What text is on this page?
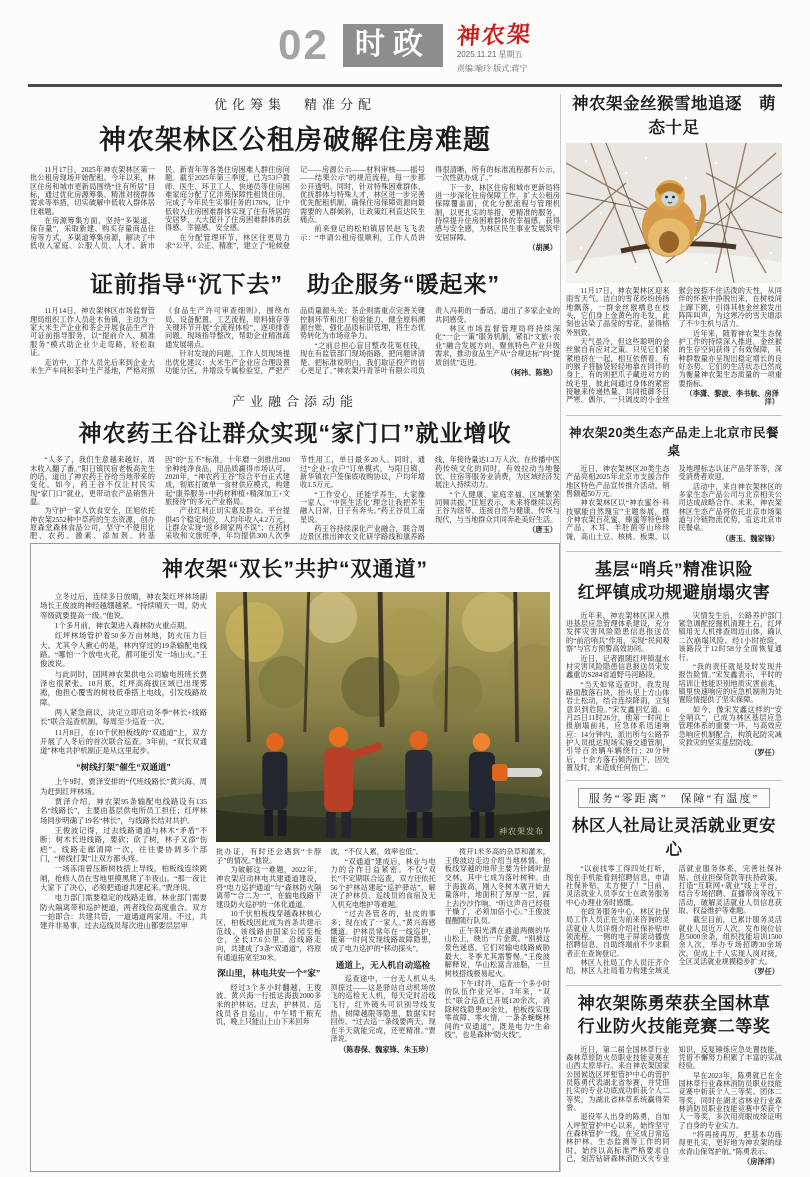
02 时政	神农架
2025.11.21 星期五
责编:喻玲 版式:蒋宁
优化筹集　精准分配
神农架林区公租房破解住房难题

11月17日，2025年神农架林区第一批公租房现场开始配租。今年以来，林区住房和城市更新局围绕“住有所居”目标，通过优化房源筹集、精准对接群体需求等举措，切实破解中低收入群体居住难题。

在房源筹集方面，坚持“多渠道、保存量”，采取新建、购买存量商品住房等方式，多渠道筹集房源，解决了中低收入家庭、公服人员、人才、新市民、新青年等各类住房困难人群住房问题。截至2025年第三季度，已为53户教师、医生、环卫工人、快递员等住房困难家庭分配了亿沣苑保障性租赁住房，完成了今年民生实事任务的176%，让中低收入住房困难群体实现了住有所居的安居梦，大大提升了住房困难群体的获得感、幸福感、安全感。

在分配管理环节，林区住更局力求“公平、公正、精准”，建立了“轮候登记——房源公示——材料审核——摇号——结果公示”的规范流程，每一步都公开透明。同时，针对特殊困难群体、优抚群体与特殊人才，林区进一步完善优先配租机制，确保住房保障资源向最需要的人群倾斜，让政策红利直达民生痛点。

前来登记的松柏镇居民赵飞飞表示：“申请公租房很顺利，工作人员讲得很清晰，所有的标准流程都有公示，一次性就办成了。”

下一步，林区住房和城市更新局将进一步深化住房保障工作，扩大公租房保障覆盖面，优化分配流程与管理机制，以更扎实的举措、更精准的服务，持续提升住房困难群体的幸福感、获得感与安全感，为林区民生事业发展筑牢安居屏障。

（胡溪）

证前指导“沉下去”　助企服务“暖起来”

11月14日，神农架林区市场监督管理局组织工作人员赴木鱼镇，主动为一家大米生产企业和茶企开展食品生产许可证前指导服务，以“提前介入、精准服务”模式助企业少走弯路，轻松取证。

走访中，工作人员先后来到企业大米生产车间和茶叶生产基地，严格对照《食品生产许可审查细则》，围绕布局、设备配置、工艺流程、原料储存等关键环节开展“全流程体检”，逐项排查问题，现场指导整改，帮助企业精准疏通发展堵点。

针对发现的问题，工作人员现场提出优化建议：大米生产企业应合理设置功能分区，并增设专属检验室，严把产品质量源头关；茶企则需重点完善关键控制环节和出厂检验能力，健全原料溯源台账，强化品质标识管理，将生态优势转化为市场竞争力。

“之前总担心盲目整改花冤枉钱，现在有监管部门现场指路，把问题讲清楚、把标准说明白，我们取证投产的信心更足了。”神农架丹青茶叶有限公司负责人冯莉的一番话，道出了多家企业的共同感受。

林区市场监督管理局将持续深化“一企一策”服务机制，紧扣“文旅+农业”融合发展方向，聚焦特色产业升级需求，推动食品生产从“合规达标”向“提质创优”迈进。

（柯祎、陈艳）

产业融合添动能
神农药王谷让群众实现“家门口”就业增收

“人多了，我们生意越来越好，周末收入翻了番。”阳日镇民宿老板高先生的话，道出了神农药王谷给当地带来的变化。如今，药王谷不仅让村民实现“家门口”就业，更带动农产品销售升温。

为守护一家人饮食安全，匡旭依托神农架2552种中草药的生态资源，创办原森堂森林食品公司，坚守“不使用化肥、农药、激素、添加剂、转基因”的“五不”标准，十年磨一剑推出200余种纯净食品，用品质赢得市场认可。2020年，“神农药王谷”综合平台正式建成，彻底打破单一食材供应模式，构建起“康养服务+中药材种植+精深加工+文旅接待”的多元产业格局。

产业红利正切实惠及群众。平台提供45个稳定岗位，人均年收入4.2万元，让群众实现“返乡顾家两不误”；在药材采收和文旅旺季，年均提供300人次季节性用工，单日最多20人。同时，通过“企业+农户”订单模式，与阳日镇、新华镇农户签保底收购协议，户均年增收1.5万元。

“工作安心，还能学养生，大家像一家人。‘中医生活化’理念让我把养生融入日常，日子有奔头。”药王谷员工南星说。

药王谷持续深化产业融合，联合周边景区推出神农文化研学路线和康养路线，年接待量达1.2万人次。在传播中医药传统文化的同时，有效拉动当地餐饮、住宿等服务业消费，为区域经济发展注入持续动力。

“个人健康、家庭幸福、区域繁荣同频共振。”匡旭表示，未来将继续以药王谷为纽带，连接自然与健康、传统与现代，与当地群众共同奔赴美好生活。

（唐玉）

神农架“双长”共护“双通道”

立冬过后，连续多日放晴，神农架红坪林场副场长王俊波的神经越绷越紧。“持续晴天一周，防火等级就要提高一级。”他说。

1个多月前，神农架进入森林防火重点期。

红坪林场管护着50多万亩林地，防火压力巨大。尤其令人揪心的是，林内穿过的19条输配电线路。“哪怕一个放电火花，都可能引发一场山火。”王俊波说。

与此同时，国网神农架供电公司输电班班长贾泽也很紧张。10月底，红坪高海拔区域已出现雾凇，他担心覆雪的树枝低垂搭上电线，引发线路故障。

两人紧急商议，决定立即启动冬季“林长+线路长”联合巡查机制，每周至少巡查一次。

11月8日，在10千伏柏板线的“双通道”上，双方开展了入冬后的首次联合巡查。3年前，“双长双通道”林电共护机制正是从这里起步。

“树线打架”催生“双通道”

上午9时，贾泽安排的“代班线路长”黄兴海、周为赶到红坪林场。

贾泽介绍，神农架95条输配电线路设有135名“线路长”，主要由基层供电所员工担任；红坪林场同步明确了19名“林长”，与线路长结对共护。

王俊波记得，过去线路通道与林木“矛盾”不断：树木长进线路，要砍；砍了树，林子又添“伤疤”。线路走廊清障一次，往往要协调多个部门，“树线打架”让双方都头疼。

一场冻雨曾压断树枝搭上导线，柏板线连续跳闸，抢修人员在雪地里摸黑爬了半夜山。“那一夜让大家下了决心，必须把通道共建起来。”贾泽说。

电力部门需要稳定的线路走廊，林业部门需要防火隔离带和巡护便道，两者线位高度重合。双方一拍即合：共建共管，一道通道两家用。不过，共建并非易事，过去巡线员每次进山都要层层审

神农架发布

批办证，有时还会遇到“卡脖子”的情况。”他说。

为破解这一难题，2022年，神农架启动林电共建通道建设，将“电力巡护通道”与“森林防火隔离带”“合二为一”，在输电线路下建设防火巡护的一体化通道。

10千伏柏板线穿越森林核心区，柏板线因此成为首条共建示范线。该线路由国家公园至板仓，全长17.6公里。沿线路走向，共建成了3条“双通道”，将原有通道拓宽至30米。

深山里，林电共安一个“家”

经过3个多小时翻越，王俊波、黄兴海一行抵达海拔2000多米的护林站。过去，护林员、巡线员各自巡山，中午啃干粮充饥，晚上只能山上山下来回奔

波，“不仅人累，效率也低”。

“双通道”建成后，林业与电力的合作日益紧密。不仅“双长”不定期联合巡查，双方还依托56个护林站建起“巡护驿站”，解决了护林员、巡线员的食宿及无人机充电维护等难题。

“过去各管各的，扯皮的事多；现在成了一家人。”黄兴海感慨道。护林员常年在一线巡护，能第一时间发现线路故障隐患，成了电力巡护的“移动探头”。

通道上，无人机自动巡检

巡查途中，一台无人机从头顶掠过——这是驿站自动机场放飞的巡检无人机，每天定时沿线飞行，红外镜头可识别导线发热、树障越限等隐患，数据实时回传。“过去巡一条线要两天，现在半天就能完成，还更精准。”贾泽说。

（陈春保、魏家锋、朱玉珍）

拨开1米多高的杂草和灌木，王俊波边走边介绍当地林情。柏板线穿越的地带主要为针阔叶混交林，其中七成为落叶树种。由于海拔高，刚入冬树木就开始大量落叶，地面积了厚厚一层，踩上去沙沙作响。“听这声音已经很干燥了，必须加倍小心。”王俊波提醒随行队员。

正午阳光洒在通道两侧的华山松上，映出一片金黄。“别被这景色迷惑，它们对输电线路威胁最大，冬季尤其需警惕。”王俊波解释说，华山松富含油脂，一旦树枝搭线极易起火。

下午1时许，巡查一个多小时的队伍作业完毕。3年来，“双长”联合巡查已开展120余次，消除树线隐患80余处，柏板线实现零故障、零火情，一条条蜿蜒林间的“双通道”，既是电力“生命线”，也是森林“防火线”。

神农架金丝猴雪地追逐　萌态十足

11月17日，神农架林区迎来雨雪天气。洁白的雪花纷纷扬扬地飘落，一群金丝猴栖息在枝头，它们身上金黄色的毛发，此刻也沾染了晶莹的雪花，显得格外别致。

天气虽冷，但这些聪明的金丝猴自有应对之策。只见它们紧紧地挤在一起，相互依偎着。有的猴子将脑袋轻轻地靠在同伴的身上，有的则把爪子藏进对方的绒毛里，彼此间通过身体的紧密接触来传递热量，共同抵御冬日严寒。偶尔，一只调皮的小金丝猴会按捺不住活泼的天性，从同伴的怀抱中挣脱出来，在树枝间上蹿下跳，引得其他金丝猴发出阵阵叫声，为这寒冷的雪天增添了不少生机与活力。

近年来，随着神农架生态保护工作的持续深入推进，金丝猴的生存空间获得了有效保障，其种群数量亦呈现出稳定增长的良好态势。它们的生活状态已然成为衡量神农架生态质量的一项重要指标。

（李潇、黎波、李书航、房泽洋）

神农架20类生态产品走上北京市民餐桌

近日，神农架林区20类生态产品亮相2025年北京市支援合作地区特色产品宣传推介活动，销售额超50万元。

神农架林区以“神农蜜谷·科技赋能自然瑰宝”主题参展，推介神农架百花蜜、臻蜜等特色蜂产品，木耳、羊肚菌等山珍珍馐，高山土豆、核桃、板栗，以及地理标志认证产品芽茶等，深受消费者欢迎。

活动中，来自神农架林区的多家生态产品公司与北京相关公司达成战略合作。未来，神农架林区生态产品将依托北京市场渠道与冷链物流优势，直达北京市民餐桌。

（唐玉、魏家锋）

基层“哨兵”精准识险
红坪镇成功规避崩塌灾害

近年来，神农架林区深入推进基层应急管理体系建设，充分发挥灾害风险隐患信息报送员的“前沿哨兵”作用，实现“民间观察”与官方预警高效协同。

近日，记者跟随红坪镇温水村灾害风险隐患信息报送员宋发鑫重访S284省道野马河路段。

“当天如常巡查时，我发现路面散落石块，抬头见上方山体岩土松动，结合连续降雨，立刻意识到危险。”宋发鑫回忆道。6月25日11时26分，他第一时间上报崩塌前兆，应急体系迅速响应：14分钟内，派出所与公路养护人员抵达现场实施交通管制，引导百余辆车辆绕行；20分钟后，十余方落石倾泻而下，因处置及时，未造成任何伤亡。

灾情发生后，公路养护部门紧急调配挖掘机清理土石，红坪镇用无人机排查周边山体，确认二次崩塌风险。经1小时抢险，该路段于12时58分全面恢复通行。

“我的责任就是及时发现并报告险情。”宋发鑫表示，平时的培训让他能识别地质灾害前兆，镇里快速响应的应急机制则为处置险情提供了坚实保障。

如今，像宋发鑫这样的“安全哨兵”，已成为林区基层应急管理体系的重要一环，与高效应急响应机制配合，构筑起防灾减灾救灾的坚实基层防线。

（罗任）

服务“零距离”　保障“有温度”
林区人社局让灵活就业更安心

“以前找零工得四处打听，现在手机能看到招聘信息，申请社保补贴，太方便了！”日前，灵活就业人员李女士在政务服务中心办理业务时感慨。

在政务服务中心，林区社保局工作人员正在为前来咨询的灵活就业人员详细介绍社保补贴申领流程。一侧的电子屏滚动播放招聘信息，自助终端前不少求职者正在查询登记。

林区人社局工作人员汪齐介绍，林区人社局着力构建全域灵活就业服务体系，完善社保补贴、创业担保贷款等扶持政策，打造“互联网+就业”线上平台，结合专场招聘、直播带岗等线下活动，破解灵活就业人员信息获取、权益维护等难题。

截至目前，已累计服务灵活就业人员近万人次，发布岗位信息5000余条，组织技能培训1500余人次，举办专场招聘30余场次，促成上千人实现人岗对接，全区灵活就业规模稳步扩大。

（罗任）

神农架陈勇荣获全国林草
行业防火技能竞赛二等奖

近日，第二届全国林草行业森林草原防火员职业技能竞赛在山西太原举行。来自神农架国家公园候选区坪堑管护中心的管护员陈勇代表湖北省参赛，并凭借扎实的专业功底成功斩获个人二等奖，为湖北省林草系统赢得荣誉。

退役军人出身的陈勇，自加入坪堑管护中心以来，始终坚守在森林管护一线。在完成日常巡林护林、生态监测等工作的同时，始终以高标准严格要求自己，刻苦钻研森林消防灭火专业知识，反复锤炼应急处置技能，凭借不懈努力积累了丰富的实战经验。

早在2023年，陈勇就已在全国林草行业森林消防员职业技能竞赛中斩获个人三等奖、团体二等奖，同时在湖北省林业行业森林消防员职业技能竞赛中荣获个人一等奖，多次用亮眼成绩证明了自身的专业实力。

“将再接再厉，把基本功练得更扎实，更好地为神农架的绿水青山保驾护航。”陈勇表示。

（房泽洋）
